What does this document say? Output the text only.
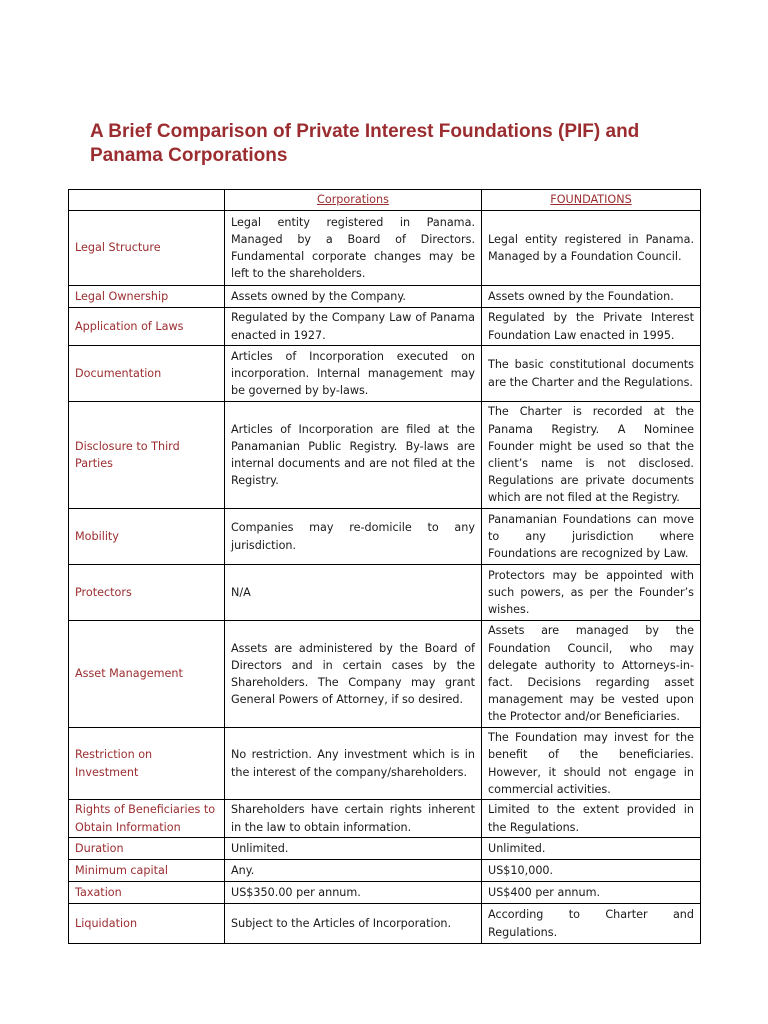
A Brief Comparison of Private Interest Foundations (PIF) and Panama Corporations
	Corporations	FOUNDATIONS
Legal Structure	Legal entity registered in Panama. Managed by a Board of Directors. Fundamental corporate changes may be left to the shareholders.	Legal entity registered in Panama. Managed by a Foundation Council.
Legal Ownership	Assets owned by the Company.	Assets owned by the Foundation.
Application of Laws	Regulated by the Company Law of Panama enacted in 1927.	Regulated by the Private Interest Foundation Law enacted in 1995.
Documentation	Articles of Incorporation executed on incorporation. Internal management may be governed by by-laws.	The basic constitutional documents are the Charter and the Regulations.
Disclosure to Third Parties	Articles of Incorporation are filed at the Panamanian Public Registry. By-laws are internal documents and are not filed at the Registry.	The Charter is recorded at the Panama Registry. A Nominee Founder might be used so that the client’s name is not disclosed. Regulations are private documents which are not filed at the Registry.
Mobility	Companies may re-domicile to any jurisdiction.	Panamanian Foundations can move to any jurisdiction where Foundations are recognized by Law.
Protectors	N/A	Protectors may be appointed with such powers, as per the Founder’s wishes.
Asset Management	Assets are administered by the Board of Directors and in certain cases by the Shareholders. The Company may grant General Powers of Attorney, if so desired.	Assets are managed by the Foundation Council, who may delegate authority to Attorneys-in-fact. Decisions regarding asset management may be vested upon the Protector and/or Beneficiaries.
Restriction on Investment	No restriction. Any investment which is in the interest of the company/shareholders.	The Foundation may invest for the benefit of the beneficiaries. However, it should not engage in commercial activities.
Rights of Beneficiaries to Obtain Information	Shareholders have certain rights inherent in the law to obtain information.	Limited to the extent provided in the Regulations.
Duration	Unlimited.	Unlimited.
Minimum capital	Any.	US$10,000.
Taxation	US$350.00 per annum.	US$400 per annum.
Liquidation	Subject to the Articles of Incorporation.	According to Charter and Regulations.
